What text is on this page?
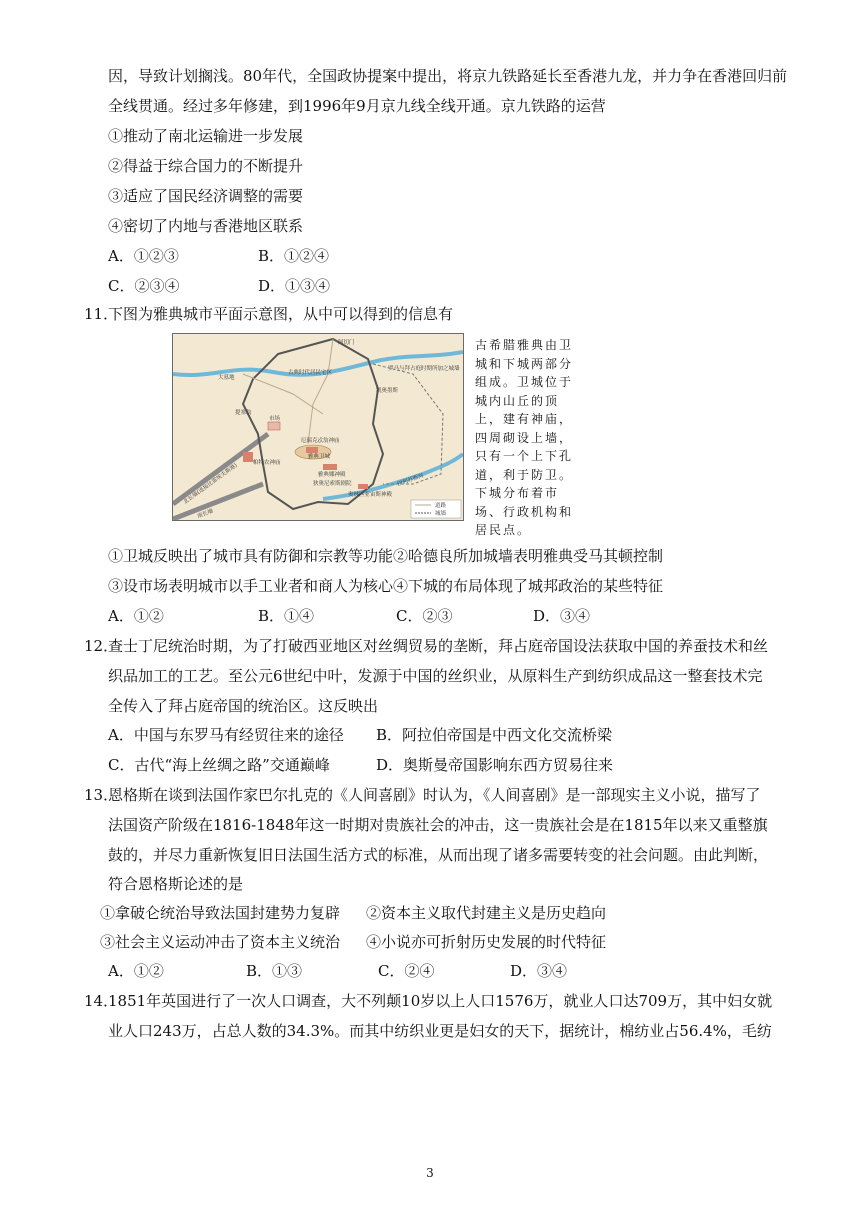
因，导致计划搁浅。80年代，全国政协提案中提出，将京九铁路延长至香港九龙，并力争在香港回归前
全线贯通。经过多年修建，到1996年9月京九线全线开通。京九铁路的运营
①推动了南北运输进一步发展
②得益于综合国力的不断提升
③适应了国民经济调整的需要
④密切了内地与香港地区联系
A．①②③	B．①②④
C．②③④	D．①③④
11．
下图为雅典城市平面示意图，从中可以得到的信息有
阿切门
古典时代居民宅区
罗马与拜占庭时期所加之城墙
大墓地
凯奥墨斯
提塞翁
市场
厄瑞克忒翁神庙
帕特农神庙
雅典卫城
雅典娜神殿
狄奥尼索斯剧院
奥林匹亚宙斯神殿
北长墙(连接比雷埃夫斯港)
南长墙
伊利苏斯河
道路
城墙
古希腊雅典由卫城和下城两部分组成。卫城位于城内山丘的顶上，建有神庙，四周砌设上墙，只有一个上下孔道，利于防卫。下城分布着市场、行政机构和居民点。
①卫城反映出了城市具有防御和宗教等功能②哈德良所加城墙表明雅典受马其顿控制
③设市场表明城市以手工业者和商人为核心④下城的布局体现了城邦政治的某些特征
A．①②	B．①④	C．②③	D．③④
12．
查士丁尼统治时期，为了打破西亚地区对丝绸贸易的垄断，拜占庭帝国设法获取中国的养蚕技术和丝
织品加工的工艺。至公元6世纪中叶，发源于中国的丝织业，从原料生产到纺织成品这一整套技术完
全传入了拜占庭帝国的统治区。这反映出
A．中国与东罗马有经贸往来的途径 B．阿拉伯帝国是中西文化交流桥梁
C．古代“海上丝绸之路”交通巅峰	D．奥斯曼帝国影响东西方贸易往来
13．
恩格斯在谈到法国作家巴尔扎克的《人间喜剧》时认为，《人间喜剧》是一部现实主义小说，描写了
法国资产阶级在1816-1848年这一时期对贵族社会的冲击，这一贵族社会是在1815年以来又重整旗
鼓的，并尽力重新恢复旧日法国生活方式的标准，从而出现了诸多需要转变的社会问题。由此判断，
符合恩格斯论述的是
①拿破仑统治导致法国封建势力复辟 ②资本主义取代封建主义是历史趋向
③社会主义运动冲击了资本主义统治 ④小说亦可折射历史发展的时代特征
A．①②	B．①③	C．②④	D．③④
14．
1851年英国进行了一次人口调查，大不列颠10岁以上人口1576万，就业人口达709万，其中妇女就
业人口243万，占总人数的34.3%。而其中纺织业更是妇女的天下，据统计，棉纺业占56.4%，毛纺
3
